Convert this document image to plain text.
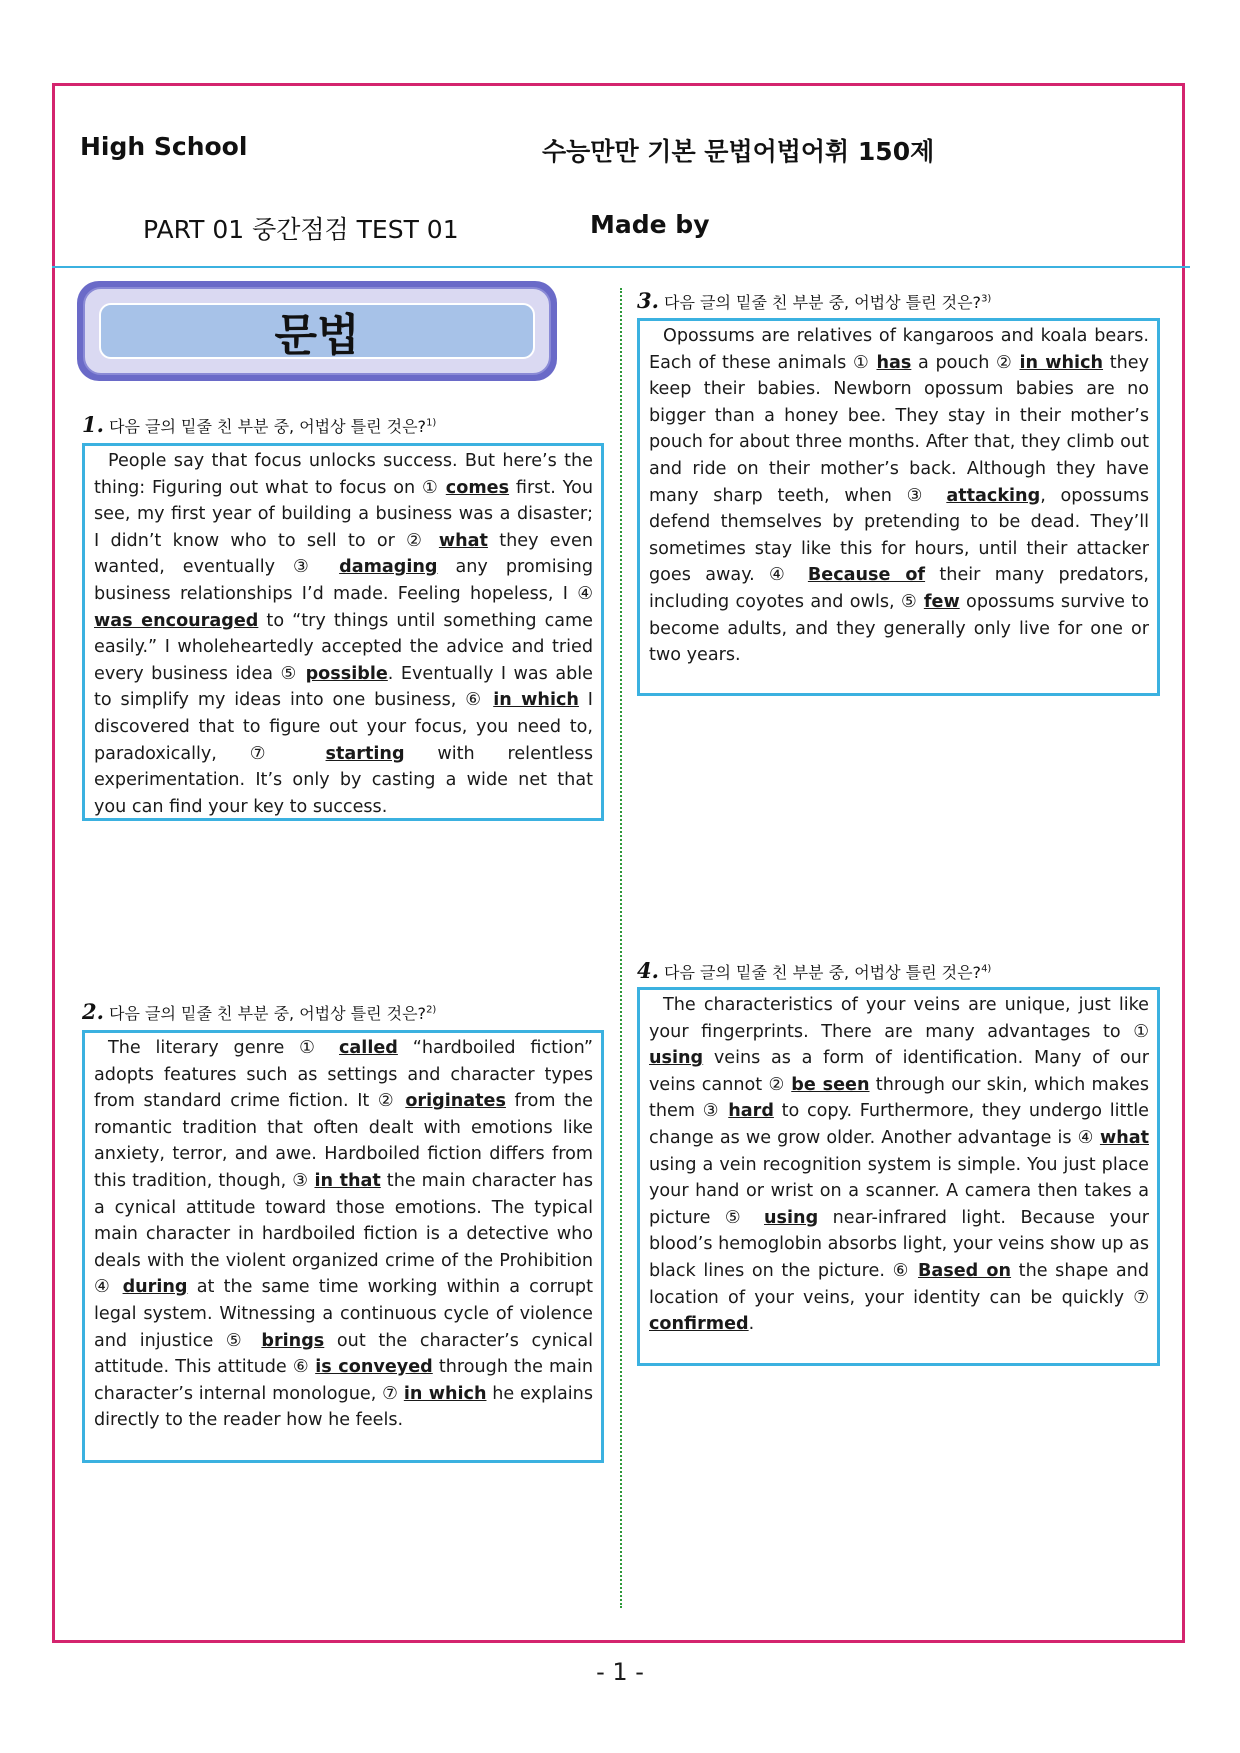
High School	수능만만 기본 문법어법어휘 150제
PART 01 중간점검 TEST 01	Made by
문법
1. 다음 글의 밑줄 친 부분 중, 어법상 틀린 것은?$^{1)}$

People say that focus unlocks success. But here’s the thing: Figuring out what to focus on ① comes first. You see, my first year of building a business was a disaster; I didn’t know who to sell to or ② what they even wanted, eventually ③ damaging any promising business relationships I’d made. Feeling hopeless, I ④ was encouraged to “try things until something came easily.” I wholeheartedly accepted the advice and tried every business idea ⑤ possible. Eventually I was able to simplify my ideas into one business, ⑥ in which I discovered that to figure out your focus, you need to, paradoxically, ⑦ starting with relentless experimentation. It’s only by casting a wide net that you can find your key to success.

2. 다음 글의 밑줄 친 부분 중, 어법상 틀린 것은?$^{2)}$

The literary genre ① called “hardboiled fiction” adopts features such as settings and character types from standard crime fiction. It ② originates from the romantic tradition that often dealt with emotions like anxiety, terror, and awe. Hardboiled fiction differs from this tradition, though, ③ in that the main character has a cynical attitude toward those emotions. The typical main character in hardboiled fiction is a detective who deals with the violent organized crime of the Prohibition ④ during at the same time working within a corrupt legal system. Witnessing a continuous cycle of violence and injustice ⑤ brings out the character’s cynical attitude. This attitude ⑥ is conveyed through the main character’s internal monologue, ⑦ in which he explains directly to the reader how he feels.

3. 다음 글의 밑줄 친 부분 중, 어법상 틀린 것은?$^{3)}$

Opossums are relatives of kangaroos and koala bears. Each of these animals ① has a pouch ② in which they keep their babies. Newborn opossum babies are no bigger than a honey bee. They stay in their mother’s pouch for about three months. After that, they climb out and ride on their mother’s back. Although they have many sharp teeth, when ③ attacking, opossums defend themselves by pretending to be dead. They’ll sometimes stay like this for hours, until their attacker goes away. ④ Because of their many predators, including coyotes and owls, ⑤ few opossums survive to become adults, and they generally only live for one or two years.

4. 다음 글의 밑줄 친 부분 중, 어법상 틀린 것은?$^{4)}$

The characteristics of your veins are unique, just like your fingerprints. There are many advantages to ① using veins as a form of identification. Many of our veins cannot ② be seen through our skin, which makes them ③ hard to copy. Furthermore, they undergo little change as we grow older. Another advantage is ④ what using a vein recognition system is simple. You just place your hand or wrist on a scanner. A camera then takes a picture ⑤ using near-infrared light. Because your blood’s hemoglobin absorbs light, your veins show up as black lines on the picture. ⑥ Based on the shape and location of your veins, your identity can be quickly ⑦ confirmed.

- 1 -
